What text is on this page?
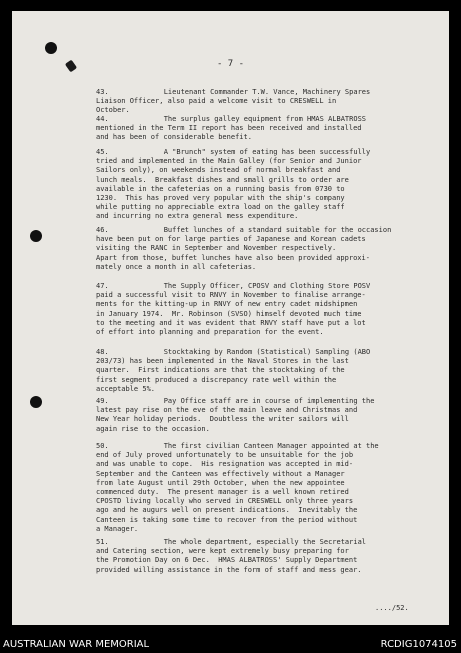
- 7 -
43.	Lieutenant Commander T.W. Vance, Machinery Spares
Liaison Officer, also paid a welcome visit to CRESWELL in
October.
44.	The surplus galley equipment from HMAS ALBATROSS
mentioned in the Term II report has been received and installed
and has been of considerable benefit.
45.	A "Brunch" system of eating has been successfully
tried and implemented in the Main Galley (for Senior and Junior
Sailors only), on weekends instead of normal breakfast and
lunch meals.  Breakfast dishes and small grills to order are
available in the cafeterias on a running basis from 0730 to
1230.  This has proved very popular with the ship's company
while putting no appreciable extra load on the galley staff
and incurring no extra general mess expenditure.
46.	Buffet lunches of a standard suitable for the occasion
have been put on for large parties of Japanese and Korean cadets
visiting the RANC in September and November respectively.
Apart from those, buffet lunches have also been provided approxi-
mately once a month in all cafeterias.
47.	The Supply Officer, CPOSV and Clothing Store POSV
paid a successful visit to RNVY in November to finalise arrange-
ments for the kitting-up in RNVY of new entry cadet midshipmen
in January 1974.  Mr. Robinson (SVSO) himself devoted much time
to the meeting and it was evident that RNVY staff have put a lot
of effort into planning and preparation for the event.
48.	Stocktaking by Random (Statistical) Sampling (ABO
203/73) has been implemented in the Naval Stores in the last
quarter.  First indications are that the stocktaking of the
first segment produced a discrepancy rate well within the
acceptable 5%.
49.	Pay Office staff are in course of implementing the
latest pay rise on the eve of the main leave and Christmas and
New Year holiday periods.  Doubtless the writer sailors will
again rise to the occasion.
50.	The first civilian Canteen Manager appointed at the
end of July proved unfortunately to be unsuitable for the job
and was unable to cope.  His resignation was accepted in mid-
September and the Canteen was effectively without a Manager
from late August until 29th October, when the new appointee
commenced duty.  The present manager is a well known retired
CPOSTD living locally who served in CRESWELL only three years
ago and he augurs well on present indications.  Inevitably the
Canteen is taking some time to recover from the period without
a Manager.
51.	The whole department, especially the Secretarial
and Catering section, were kept extremely busy preparing for
the Promotion Day on 6 Dec.  HMAS ALBATROSS' Supply Department
provided willing assistance in the form of staff and mess gear.
..../52.
AUSTRALIAN WAR MEMORIAL	RCDIG1074105
